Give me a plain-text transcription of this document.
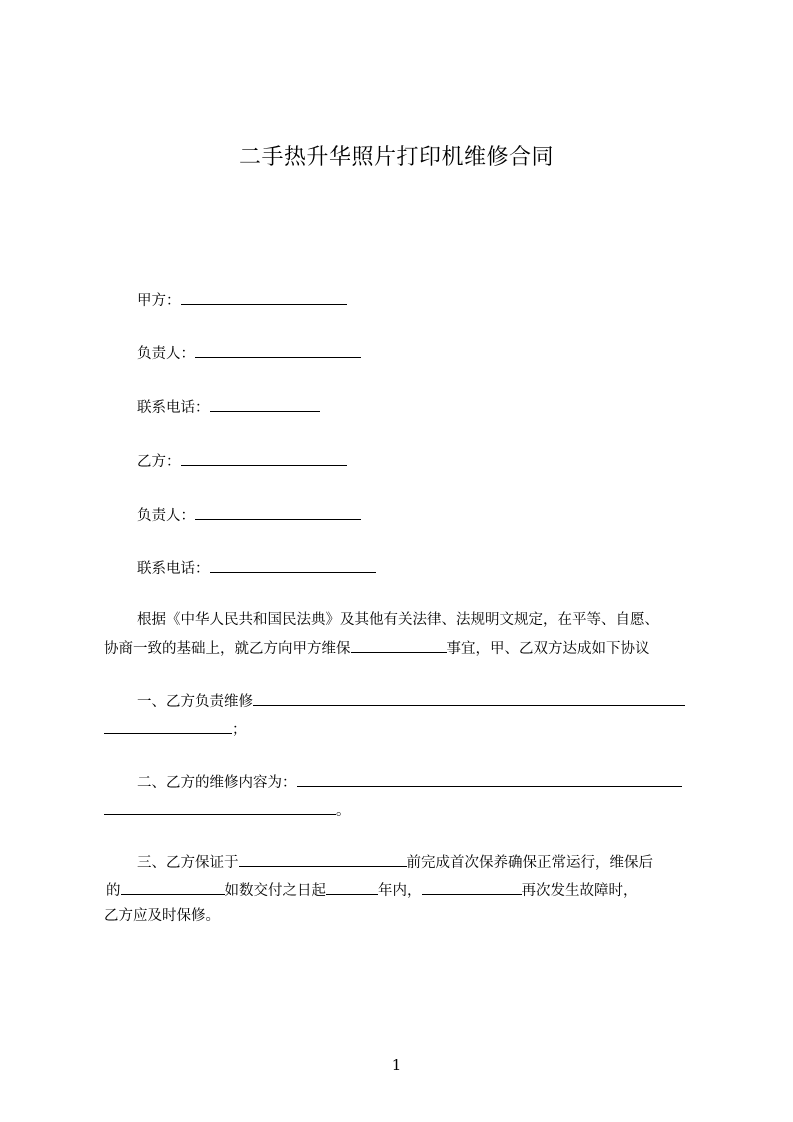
二手热升华照片打印机维修合同
甲方：
负责人：
联系电话：
乙方：
负责人：
联系电话：
根据《中华人民共和国民法典》及其他有关法律、法规明文规定，在平等、自愿、
协商一致的基础上，就乙方向甲方维保	事宜，甲、乙双方达成如下协议
一、乙方负责维修
；
二、乙方的维修内容为：
。
三、乙方保证于	前完成首次保养确保正常运行，维保后
的	如数交付之日起	年内，	再次发生故障时，
乙方应及时保修。
1
